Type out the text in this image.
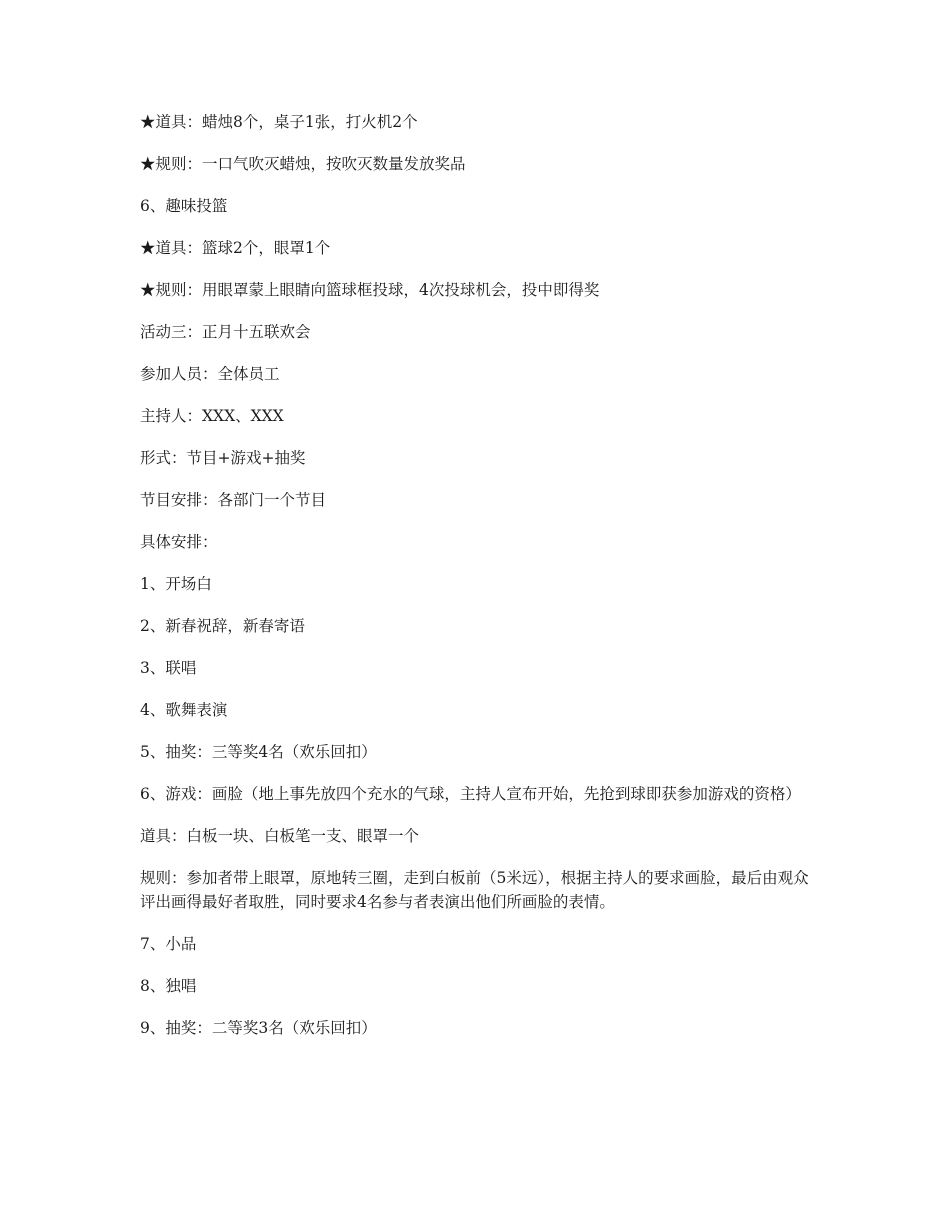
★道具：蜡烛8个，桌子1张，打火机2个

★规则：一口气吹灭蜡烛，按吹灭数量发放奖品

6、趣味投篮

★道具：篮球2个，眼罩1个

★规则：用眼罩蒙上眼睛向篮球框投球，4次投球机会，投中即得奖

活动三：正月十五联欢会

参加人员：全体员工

主持人：XXX、XXX

形式：节目+游戏+抽奖

节目安排：各部门一个节目

具体安排：

1、开场白

2、新春祝辞，新春寄语

3、联唱

4、歌舞表演

5、抽奖：三等奖4名（欢乐回扣）

6、游戏：画脸（地上事先放四个充水的气球，主持人宣布开始，先抢到球即获参加游戏的资格）

道具：白板一块、白板笔一支、眼罩一个

规则：参加者带上眼罩，原地转三圈，走到白板前（5米远），根据主持人的要求画脸，最后由观众评出画得最好者取胜，同时要求4名参与者表演出他们所画脸的表情。

7、小品

8、独唱

9、抽奖：二等奖3名（欢乐回扣）
